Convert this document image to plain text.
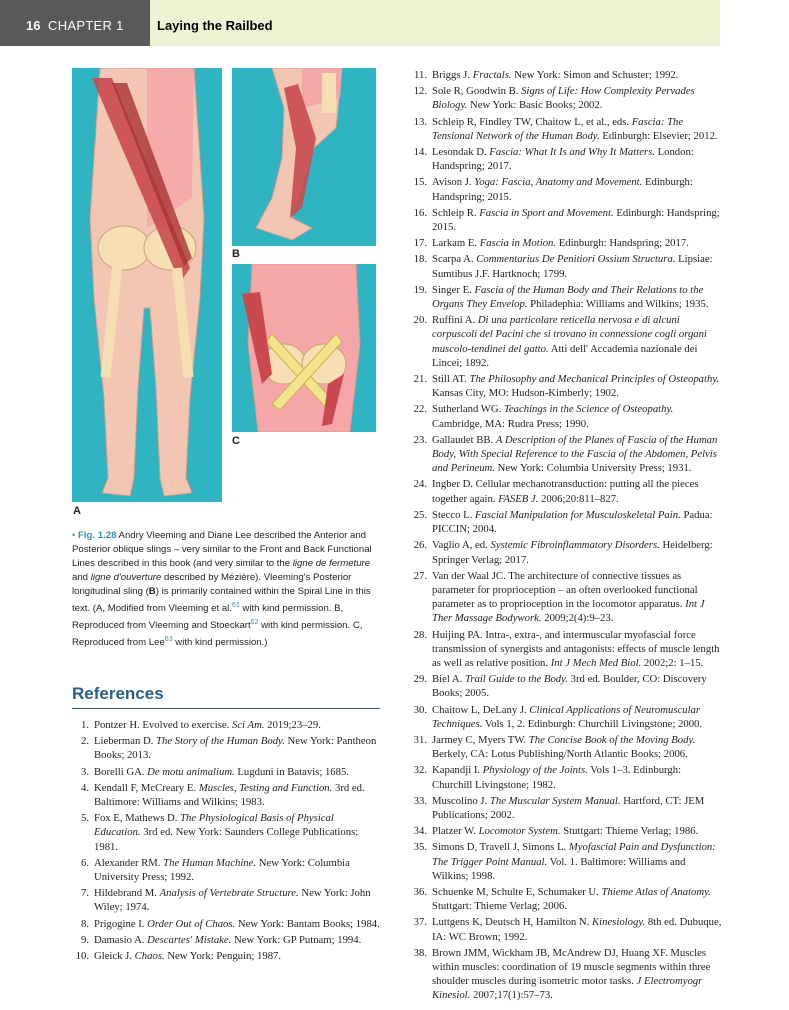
16 CHAPTER 1	Laying the Railbed
A
B
C
• Fig. 1.28 Andry Vleeming and Diane Lee described the Anterior and Posterior oblique slings – very similar to the Front and Back Functional Lines described in this book (and very similar to the ligne de fermeture and ligne d'ouverture described by Mézière). Vleeming's Posterior longitudinal sling (B) is primarily contained within the Spiral Line in this text. (A, Modified from Vleeming et al.$^{61}$ with kind permission. B, Reproduced from Vleeming and Stoeckart$^{62}$ with kind permission. C, Reproduced from Lee$^{63}$ with kind permission.)
References
1. Pontzer H. Evolved to exercise. Sci Am. 2019;23–29.
2. Lieberman D. The Story of the Human Body. New York: Pantheon Books; 2013.
3. Borelli GA. De motu animalium. Lugduni in Batavis; 1685.
4. Kendall F, McCreary E. Muscles, Testing and Function. 3rd ed. Baltimore: Williams and Wilkins; 1983.
5. Fox E, Mathews D. The Physiological Basis of Physical Education. 3rd ed. New York: Saunders College Publications; 1981.
6. Alexander RM. The Human Machine. New York: Columbia University Press; 1992.
7. Hildebrand M. Analysis of Vertebrate Structure. New York: John Wiley; 1974.
8. Prigogine I. Order Out of Chaos. New York: Bantam Books; 1984.
9. Damasio A. Descartes' Mistake. New York: GP Putnam; 1994.
10. Gleick J. Chaos. New York: Penguin; 1987.
11. Briggs J. Fractals. New York: Simon and Schuster; 1992.
12. Sole R, Goodwin B. Signs of Life: How Complexity Pervades Biology. New York: Basic Books; 2002.
13. Schleip R, Findley TW, Chaitow L, et al., eds. Fascia: The Tensional Network of the Human Body. Edinburgh: Elsevier; 2012.
14. Lesondak D. Fascia: What It Is and Why It Matters. London: Handspring; 2017.
15. Avison J. Yoga: Fascia, Anatomy and Movement. Edinburgh: Handspring; 2015.
16. Schleip R. Fascia in Sport and Movement. Edinburgh: Handspring; 2015.
17. Larkam E. Fascia in Motion. Edinburgh: Handspring; 2017.
18. Scarpa A. Commentarius De Penitiori Ossium Structura. Lipsiae: Sumtibus J.F. Hartknoch; 1799.
19. Singer E. Fascia of the Human Body and Their Relations to the Organs They Envelop. Philadephia: Williams and Wilkins; 1935.
20. Ruffini A. Di una particolare reticella nervosa e di alcuni corpuscoli del Pacini che si trovano in connessione cogli organi muscolo-tendinei del gatto. Atti dell' Accademia nazionale dei Lincei; 1892.
21. Still AT. The Philosophy and Mechanical Principles of Osteopathy. Kansas City, MO: Hudson-Kimberly; 1902.
22. Sutherland WG. Teachings in the Science of Osteopathy. Cambridge, MA: Rudra Press; 1990.
23. Gallaudet BB. A Description of the Planes of Fascia of the Human Body, With Special Reference to the Fascia of the Abdomen, Pelvis and Perineum. New York: Columbia University Press; 1931.
24. Ingber D. Cellular mechanotransduction: putting all the pieces together again. FASEB J. 2006;20:811–827.
25. Stecco L. Fascial Manipulation for Musculoskeletal Pain. Padua: PICCIN; 2004.
26. Vaglio A, ed. Systemic Fibroinflammatory Disorders. Heidelberg: Springer Verlag; 2017.
27. Van der Waal JC. The architecture of connective tissues as parameter for proprioception – an often overlooked functional parameter as to proprioception in the locomotor apparatus. Int J Ther Massage Bodywork. 2009;2(4):9–23.
28. Huijing PA. Intra-, extra-, and intermuscular myofascial force transmission of synergists and antagonists: effects of muscle length as well as relative position. Int J Mech Med Biol. 2002;2: 1–15.
29. Biel A. Trail Guide to the Body. 3rd ed. Boulder, CO: Discovery Books; 2005.
30. Chaitow L, DeLany J. Clinical Applications of Neuromuscular Techniques. Vols 1, 2. Edinburgh: Churchill Livingstone; 2000.
31. Jarmey C, Myers TW. The Concise Book of the Moving Body. Berkely, CA: Lotus Publishing/North Atlantic Books; 2006.
32. Kapandji I. Physiology of the Joints. Vols 1–3. Edinburgh: Churchill Livingstone; 1982.
33. Muscolino J. The Muscular System Manual. Hartford, CT: JEM Publications; 2002.
34. Platzer W. Locomotor System. Stuttgart: Thieme Verlag; 1986.
35. Simons D, Travell J, Simons L. Myofascial Pain and Dysfunction: The Trigger Point Manual. Vol. 1. Baltimore: Williams and Wilkins; 1998.
36. Schuenke M, Schulte E, Schumaker U. Thieme Atlas of Anatomy. Stuttgart: Thieme Verlag; 2006.
37. Luttgens K, Deutsch H, Hamilton N. Kinesiology. 8th ed. Dubuque, IA: WC Brown; 1992.
38. Brown JMM, Wickham JB, McAndrew DJ, Huang XF. Muscles within muscles: coordination of 19 muscle segments within three shoulder muscles during isometric motor tasks. J Electromyogr Kinesiol. 2007;17(1):57–73.
